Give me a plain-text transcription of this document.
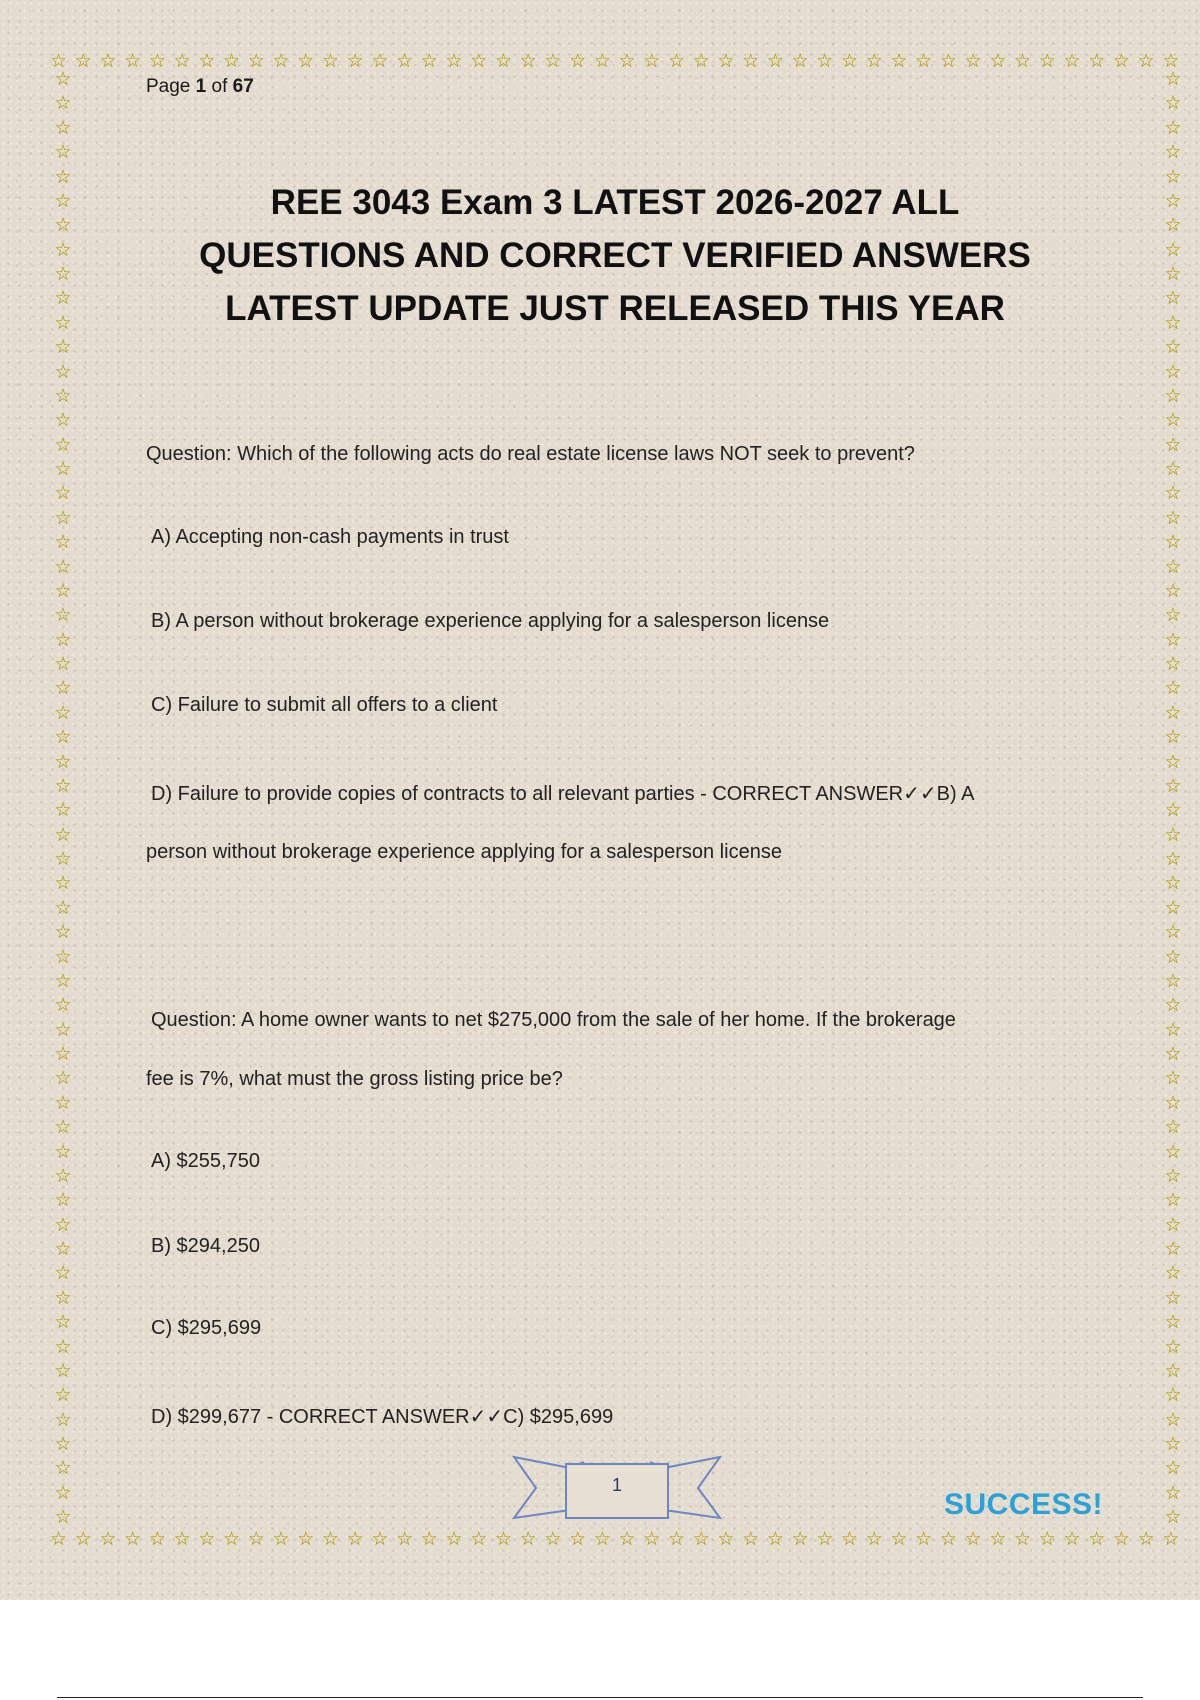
☆ ☆ ☆ ☆ ☆ ☆ ☆ ☆ ☆ ☆ ☆ ☆ ☆ ☆ ☆ ☆ ☆ ☆ ☆ ☆ ☆ ☆ ☆ ☆ ☆ ☆ ☆ ☆ ☆ ☆ ☆ ☆ ☆ ☆ ☆ ☆ ☆ ☆ ☆ ☆ ☆ ☆ ☆ ☆ ☆ ☆
☆ ☆ ☆ ☆ ☆ ☆ ☆ ☆ ☆ ☆ ☆ ☆ ☆ ☆ ☆ ☆ ☆ ☆ ☆ ☆ ☆ ☆ ☆ ☆ ☆ ☆ ☆ ☆ ☆ ☆ ☆ ☆ ☆ ☆ ☆ ☆ ☆ ☆ ☆ ☆ ☆ ☆ ☆ ☆ ☆ ☆
☆
☆
☆
☆
☆
☆
☆
☆
☆
☆
☆
☆
☆
☆
☆
☆
☆
☆
☆
☆
☆
☆
☆
☆
☆
☆
☆
☆
☆
☆
☆
☆
☆
☆
☆
☆
☆
☆
☆
☆
☆
☆
☆
☆
☆
☆
☆
☆
☆
☆
☆
☆
☆
☆
☆
☆
☆
☆
☆
☆
☆
☆
☆
☆
☆
☆
☆
☆
☆
☆
☆
☆
☆
☆
☆
☆
☆
☆
☆
☆
☆
☆
☆
☆
☆
☆
☆
☆
☆
☆
☆
☆
☆
☆
☆
☆
☆
☆
☆
☆
☆
☆
☆
☆
☆
☆
☆
☆
☆
☆
☆
☆
☆
☆
☆
☆
☆
☆
☆
☆
Page 1 of 67
REE 3043 Exam 3 LATEST 2026-2027 ALL
QUESTIONS AND CORRECT VERIFIED ANSWERS
LATEST UPDATE JUST RELEASED THIS YEAR
Question: Which of the following acts do real estate license laws NOT seek to prevent?
A) Accepting non-cash payments in trust
B) A person without brokerage experience applying for a salesperson license
C) Failure to submit all offers to a client
D) Failure to provide copies of contracts to all relevant parties - CORRECT ANSWER✓✓B) A
person without brokerage experience applying for a salesperson license
Question: A home owner wants to net $275,000 from the sale of her home. If the brokerage
fee is 7%, what must the gross listing price be?
A) $255,750
B) $294,250
C) $295,699
D) $299,677 - CORRECT ANSWER✓✓C) $295,699
1
SUCCESS!
